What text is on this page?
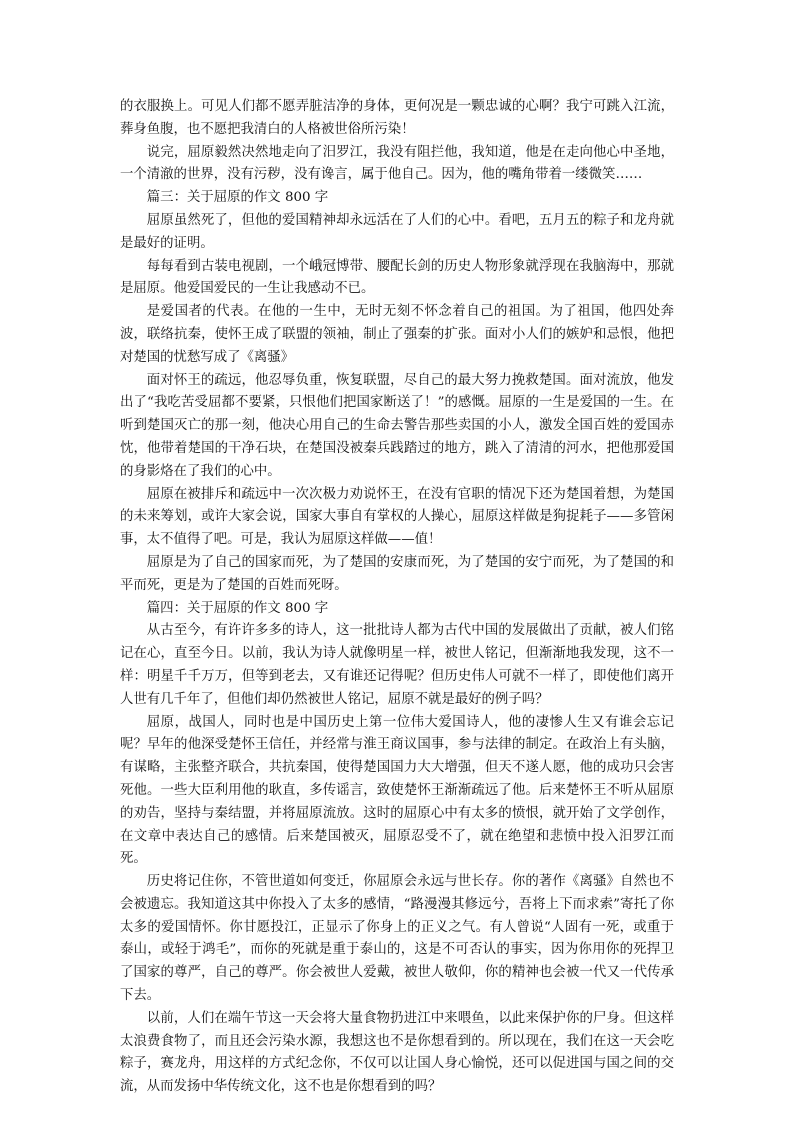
的衣服换上。可见人们都不愿弄脏洁净的身体，更何况是一颗忠诚的心啊？我宁可跳入江流，葬身鱼腹，也不愿把我清白的人格被世俗所污染！

说完，屈原毅然决然地走向了汨罗江，我没有阻拦他，我知道，他是在走向他心中圣地，一个清澈的世界，没有污秽，没有谗言，属于他自己。因为，他的嘴角带着一缕微笑……

篇三：关于屈原的作文 800 字

屈原虽然死了，但他的爱国精神却永远活在了人们的心中。看吧，五月五的粽子和龙舟就是最好的证明。

每每看到古装电视剧，一个峨冠博带、腰配长剑的历史人物形象就浮现在我脑海中，那就是屈原。他爱国爱民的一生让我感动不已。

是爱国者的代表。在他的一生中，无时无刻不怀念着自己的祖国。为了祖国，他四处奔波，联络抗秦，使怀王成了联盟的领袖，制止了强秦的扩张。面对小人们的嫉妒和忌恨，他把对楚国的忧愁写成了《离骚》

面对怀王的疏远，他忍辱负重，恢复联盟，尽自己的最大努力挽救楚国。面对流放，他发出了“我吃苦受屈都不要紧，只恨他们把国家断送了！”的感慨。屈原的一生是爱国的一生。在听到楚国灭亡的那一刻，他决心用自己的生命去警告那些卖国的小人，激发全国百姓的爱国赤忱，他带着楚国的干净石块，在楚国没被秦兵践踏过的地方，跳入了清清的河水，把他那爱国的身影烙在了我们的心中。

屈原在被排斥和疏远中一次次极力劝说怀王，在没有官职的情况下还为楚国着想，为楚国的未来筹划，或许大家会说，国家大事自有掌权的人操心，屈原这样做是狗捉耗子——多管闲事，太不值得了吧。可是，我认为屈原这样做——值！

屈原是为了自己的国家而死，为了楚国的安康而死，为了楚国的安宁而死，为了楚国的和平而死，更是为了楚国的百姓而死呀。

篇四：关于屈原的作文 800 字

从古至今，有许许多多的诗人，这一批批诗人都为古代中国的发展做出了贡献，被人们铭记在心，直至今日。以前，我认为诗人就像明星一样，被世人铭记，但渐渐地我发现，这不一样：明星千千万万，但等到老去，又有谁还记得呢？但历史伟人可就不一样了，即使他们离开人世有几千年了，但他们却仍然被世人铭记，屈原不就是最好的例子吗？

屈原，战国人，同时也是中国历史上第一位伟大爱国诗人，他的凄惨人生又有谁会忘记呢？早年的他深受楚怀王信任，并经常与淮王商议国事，参与法律的制定。在政治上有头脑，有谋略，主张整齐联合，共抗秦国，使得楚国国力大大增强，但天不遂人愿，他的成功只会害死他。一些大臣利用他的耿直，多传谣言，致使楚怀王渐渐疏远了他。后来楚怀王不听从屈原的劝告，坚持与秦结盟，并将屈原流放。这时的屈原心中有太多的愤恨，就开始了文学创作，在文章中表达自己的感情。后来楚国被灭，屈原忍受不了，就在绝望和悲愤中投入汨罗江而死。

历史将记住你，不管世道如何变迁，你屈原会永远与世长存。你的著作《离骚》自然也不会被遗忘。我知道这其中你投入了太多的感情，“路漫漫其修远兮，吾将上下而求索”寄托了你太多的爱国情怀。你甘愿投江，正显示了你身上的正义之气。有人曾说“人固有一死，或重于泰山，或轻于鸿毛”，而你的死就是重于泰山的，这是不可否认的事实，因为你用你的死捍卫了国家的尊严，自己的尊严。你会被世人爱戴，被世人敬仰，你的精神也会被一代又一代传承下去。

以前，人们在端午节这一天会将大量食物扔进江中来喂鱼，以此来保护你的尸身。但这样太浪费食物了，而且还会污染水源，我想这也不是你想看到的。所以现在，我们在这一天会吃粽子，赛龙舟，用这样的方式纪念你，不仅可以让国人身心愉悦，还可以促进国与国之间的交流，从而发扬中华传统文化，这不也是你想看到的吗？
